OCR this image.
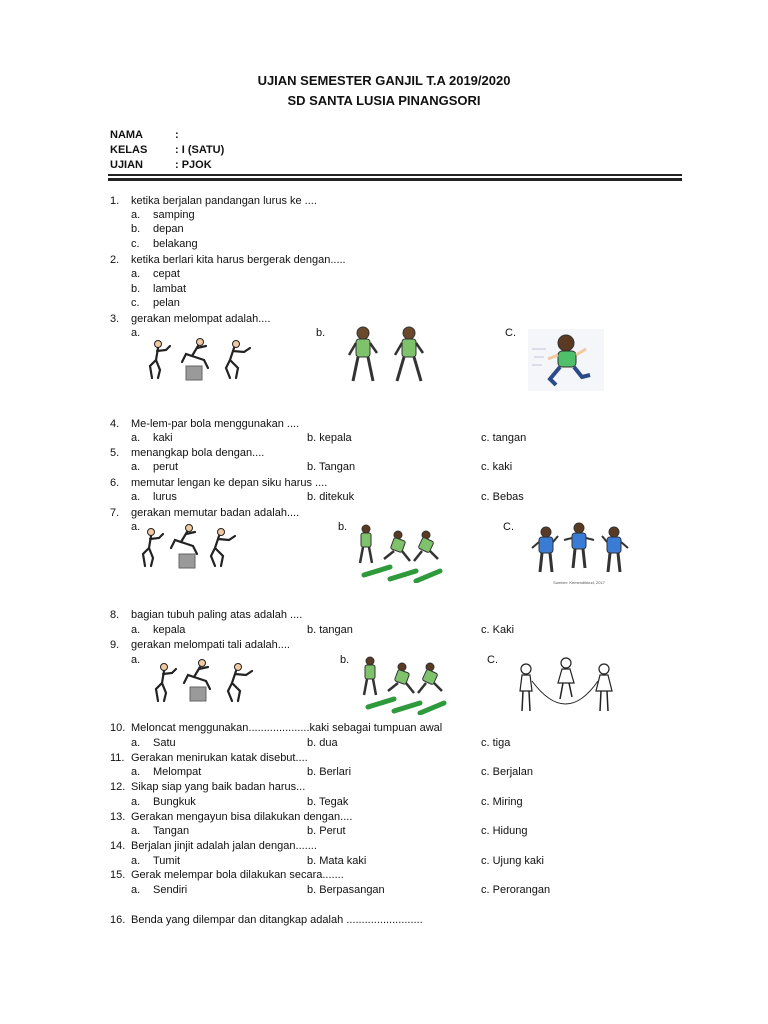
UJIAN SEMESTER GANJIL T.A 2019/2020
SD SANTA LUSIA PINANGSORI
NAMA	:
KELAS	: I (SATU)
UJIAN	: PJOK
1. ketika berjalan pandangan lurus ke ....
a. samping
b. depan
c. belakang
2. ketika berlari kita harus bergerak dengan.....
a. cepat
b. lambat
c. pelan
3. gerakan melompat adalah....
a.	b.	C.
4. Me-lem-par bola menggunakan ....
a. kaki	b. kepala	c. tangan
5. menangkap bola dengan....
a. perut	b. Tangan	c. kaki
6. memutar lengan ke depan siku harus ....
a. lurus	b. ditekuk	c. Bebas
7. gerakan memutar badan adalah....
a.	b.	C.
Sumber: Kemendikbud, 2017
8. bagian tubuh paling atas adalah ....
a. kepala	b. tangan	c. Kaki
9. gerakan melompati tali adalah....
a.	b.	C.
10. Meloncat menggunakan....................kaki sebagai tumpuan awal
a. Satu	b. dua	c. tiga
11. Gerakan menirukan katak disebut....
a. Melompat	b. Berlari	c. Berjalan
12. Sikap siap yang baik badan harus...
a. Bungkuk	b. Tegak	c. Miring
13. Gerakan mengayun bisa dilakukan dengan....
a. Tangan	b. Perut	c. Hidung
14. Berjalan jinjit adalah jalan dengan.......
a. Tumit	b. Mata kaki	c. Ujung kaki
15. Gerak melempar bola dilakukan secara.......
a. Sendiri	b. Berpasangan	c. Perorangan
16. Benda yang dilempar dan ditangkap adalah .........................
